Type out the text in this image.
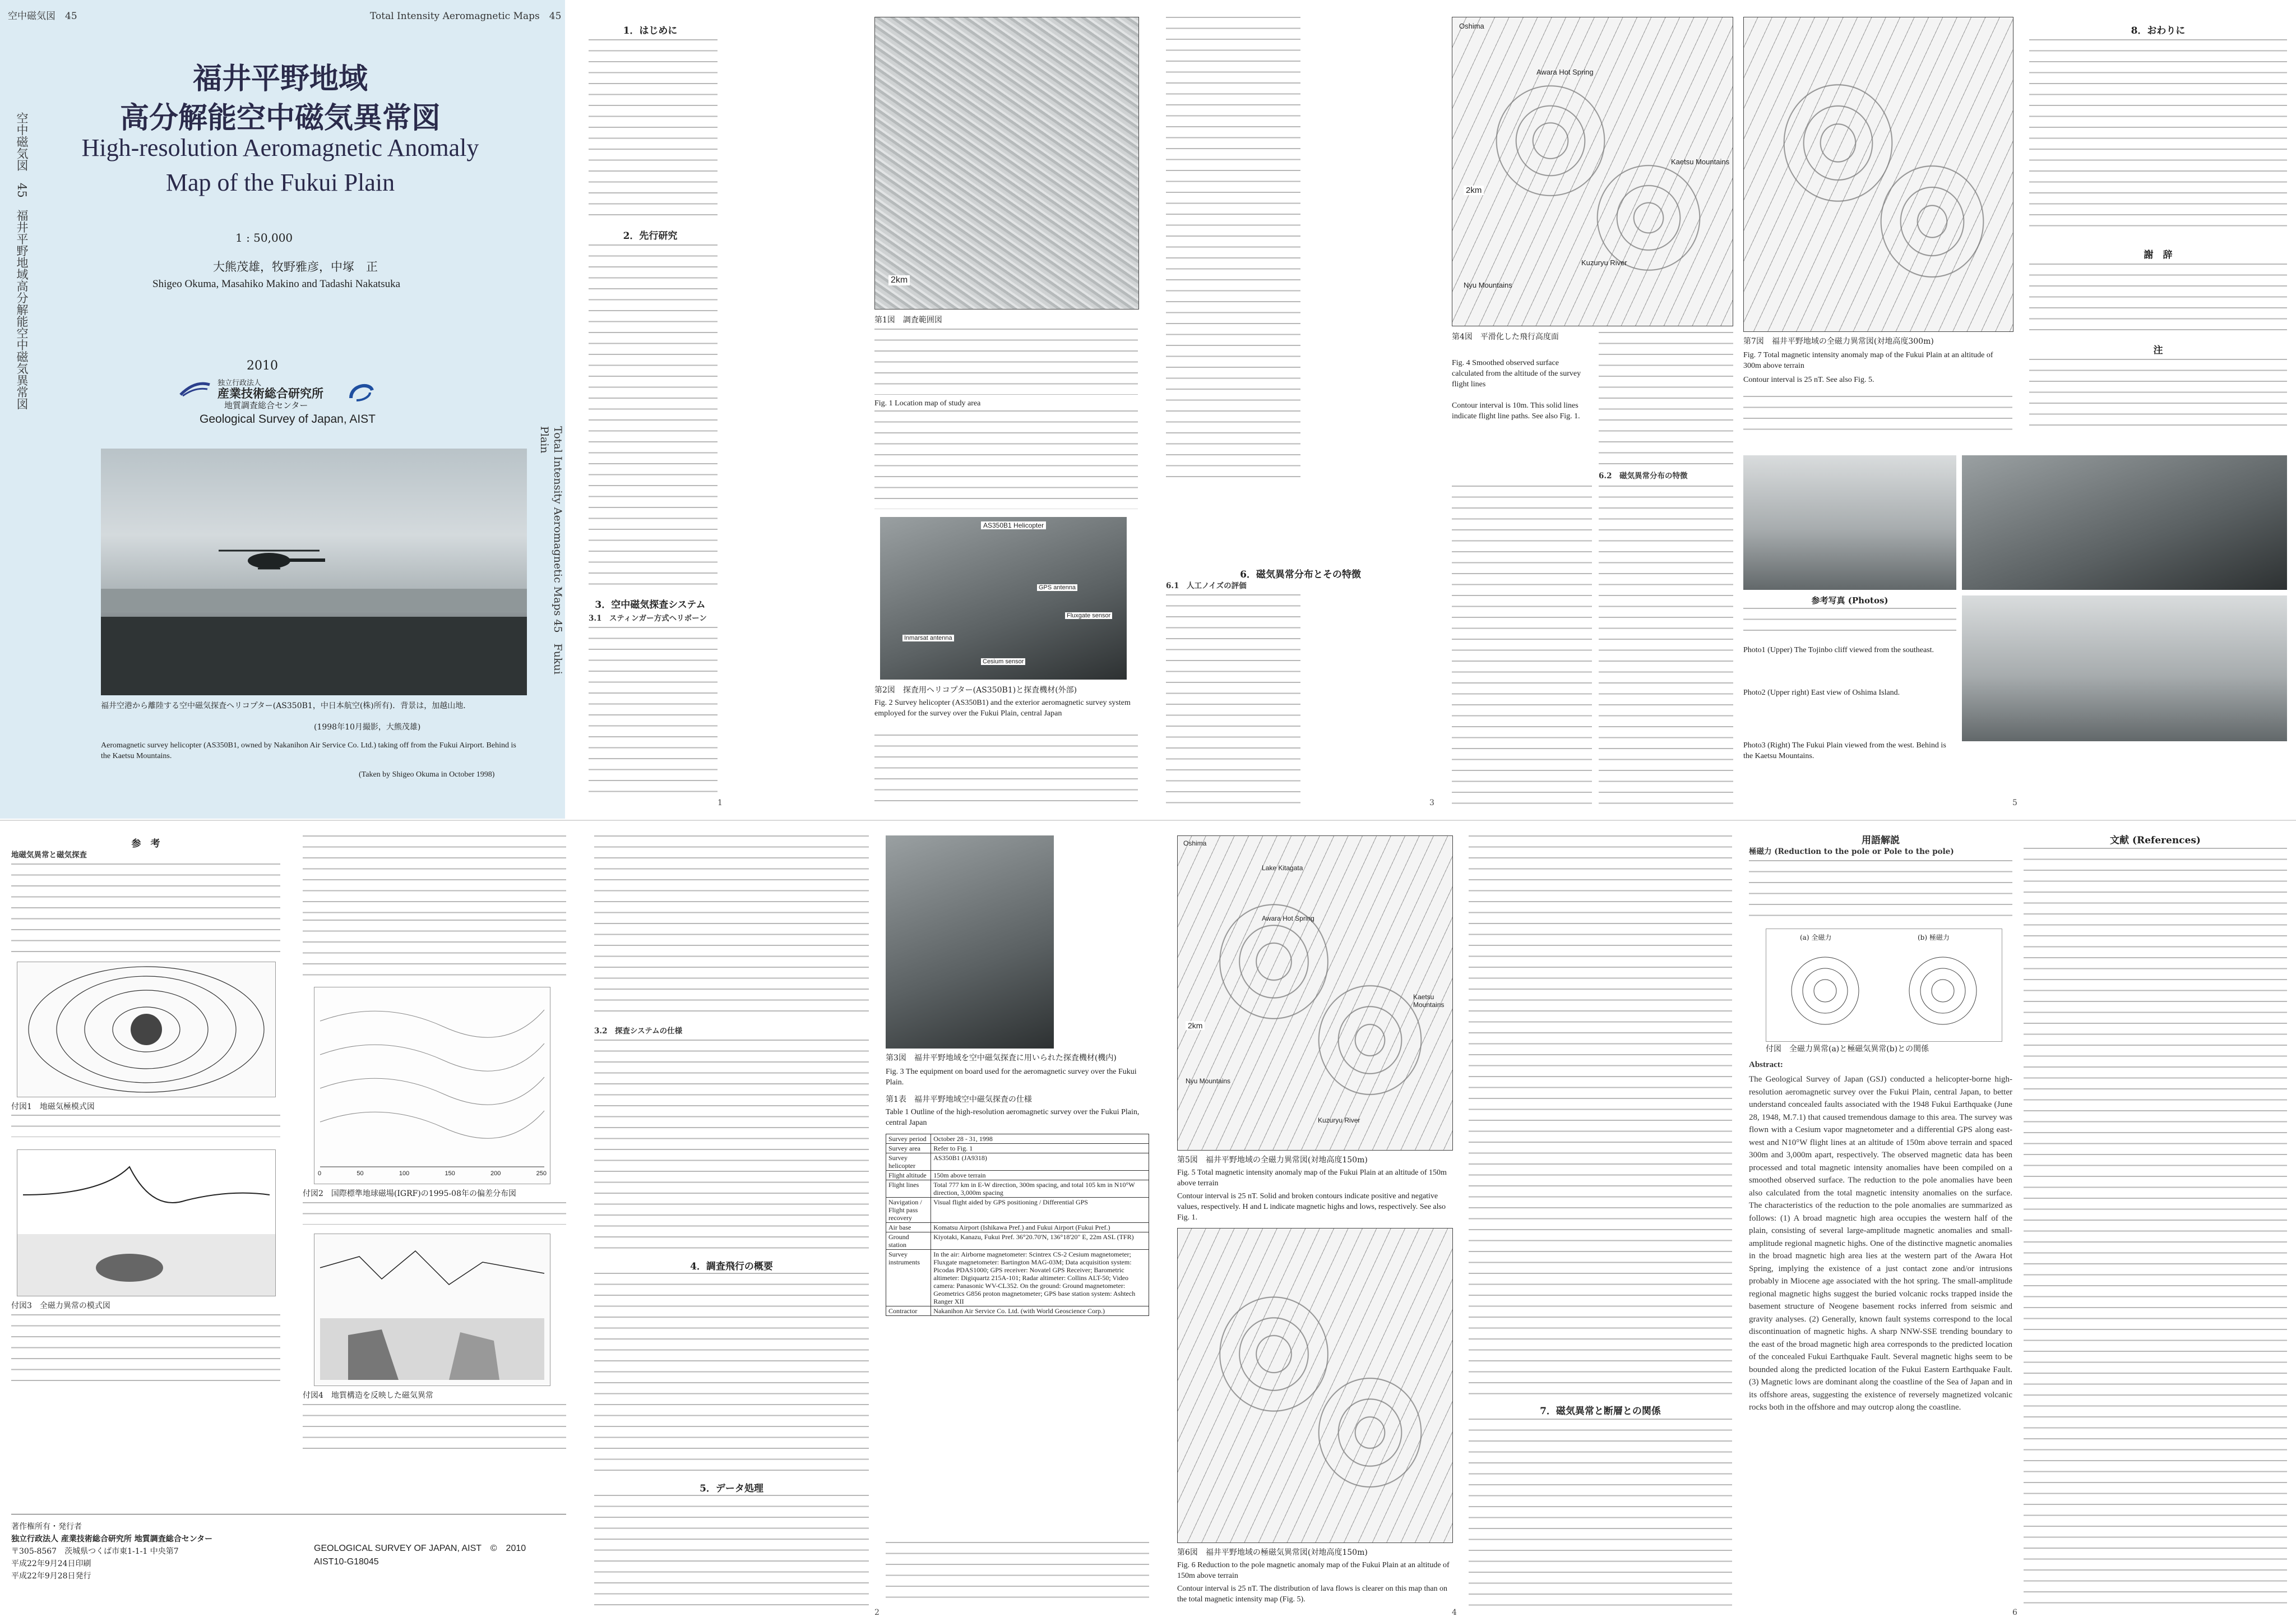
空中磁気図　45	Total Intensity Aeromagnetic Maps　45
福井平野地域
高分解能空中磁気異常図
High-resolution Aeromagnetic Anomaly
Map of the Fukui Plain
1 : 50,000
大熊茂雄，牧野雅彦，中塚　正
Shigeo Okuma, Masahiko Makino and Tadashi Nakatsuka
2010
独立行政法人
産業技術総合研究所
地質調査総合センター
Geological Survey of Japan, AIST
空中磁気図　45　福井平野地域高分解能空中磁気異常図
Total Intensity Aeromagnetic Maps 45　Fukui Plain
福井空港から離陸する空中磁気探査ヘリコプター(AS350B1，中日本航空(株)所有)．背景は，加越山地．
(1998年10月撮影，大熊茂雄)
Aeromagnetic survey helicopter (AS350B1, owned by Nakanihon Air Service Co. Ltd.) taking off from the Fukui Airport. Behind is the Kaetsu Mountains.
(Taken by Shigeo Okuma in October 1998)
1．はじめに
2．先行研究
3．空中磁気探査システム
3.1　スティンガー方式ヘリボーン
1
2km
第1図　調査範囲図
Fig. 1 Location map of study area
AS350B1 Helicopter
GPS antenna
Fluxgate sensor
Inmarsat antenna
Cesium sensor
第2図　探査用ヘリコプター(AS350B1)と探査機材(外部)
Fig. 2 Survey helicopter (AS350B1) and the exterior aeromagnetic survey system employed for the survey over the Fukui Plain, central Japan
6．磁気異常分布とその特徴
6.1　人工ノイズの評価
3
Oshima
Awara Hot Spring
Kaetsu Mountains
Nyu Mountains
Kuzuryu River
2km
第4図　平滑化した飛行高度面
Fig. 4 Smoothed observed surface calculated from the altitude of the survey flight lines
Contour interval is 10m. This solid lines indicate flight line paths. See also Fig. 1.
6.2　磁気異常分布の特徴
第7図　福井平野地域の全磁力異常図(対地高度300m)
Fig. 7 Total magnetic intensity anomaly map of the Fukui Plain at an altitude of 300m above terrain
Contour interval is 25 nT. See also Fig. 5.
8．おわりに
謝　辞
注
参考写真 (Photos)
Photo1 (Upper) The Tojinbo cliff viewed from the southeast.
Photo2 (Upper right) East view of Oshima Island.
Photo3 (Right) The Fukui Plain viewed from the west. Behind is the Kaetsu Mountains.
5
参　考
地磁気異常と磁気探査
付図1　地磁気極模式図
付図3　全磁力異常の模式図
0	50	100	150	200	250
付図2　国際標準地球磁場(IGRF)の1995-08年の偏差分布図
付図4　地質構造を反映した磁気異常
著作権所有・発行者
独立行政法人 産業技術総合研究所 地質調査総合センター
〒305-8567　茨城県つくば市東1-1-1 中央第7
平成22年9月24日印刷
平成22年9月28日発行
GEOLOGICAL SURVEY OF JAPAN, AIST　©　2010
AIST10-G18045
3.2　探査システムの仕様
4．調査飛行の概要
5．データ処理
第3図　福井平野地域を空中磁気探査に用いられた探査機材(機内)
Fig. 3 The equipment on board used for the aeromagnetic survey over the Fukui Plain.
第1表　福井平野地域空中磁気探査の仕様
Table 1 Outline of the high-resolution aeromagnetic survey over the Fukui Plain, central Japan
Survey period	October 28 - 31, 1998
Survey area	Refer to Fig. 1
Survey helicopter	AS350B1 (JA9318)
Flight altitude	150m above terrain
Flight lines	Total 777 km in E-W direction, 300m spacing, and total 105 km in N10°W direction, 3,000m spacing
Navigation / Flight pass recovery	Visual flight aided by GPS positioning / Differential GPS
Air base	Komatsu Airport (Ishikawa Pref.) and Fukui Airport (Fukui Pref.)
Ground station	Kiyotaki, Kanazu, Fukui Pref. 36°20.70'N, 136°18'20" E, 22m ASL (TFR)
Survey instruments	In the air: Airborne magnetometer: Scintrex CS-2 Cesium magnetometer; Fluxgate magnetometer: Bartington MAG-03M; Data acquisition system: Picodas PDAS1000; GPS receiver: Novatel GPS Receiver; Barometric altimeter: Digiquartz 215A-101; Radar altimeter: Collins ALT-50; Video camera: Panasonic WV-CL352. On the ground: Ground magnetometer: Geometrics G856 proton magnetometer; GPS base station system: Ashtech Ranger XII
Contractor	Nakanihon Air Service Co. Ltd. (with World Geoscience Corp.)
2
Oshima
Lake Kitagata
Awara Hot Spring
Kaetsu Mountains
Nyu Mountains
Kuzuryu River
2km
第5図　福井平野地域の全磁力異常図(対地高度150m)
Fig. 5 Total magnetic intensity anomaly map of the Fukui Plain at an altitude of 150m above terrain
Contour interval is 25 nT. Solid and broken contours indicate positive and negative values, respectively. H and L indicate magnetic highs and lows, respectively. See also Fig. 1.
第6図　福井平野地域の極磁気異常図(対地高度150m)
Fig. 6 Reduction to the pole magnetic anomaly map of the Fukui Plain at an altitude of 150m above terrain
Contour interval is 25 nT. The distribution of lava flows is clearer on this map than on the total magnetic intensity map (Fig. 5).
7．磁気異常と断層との関係
4
用語解説
極磁力 (Reduction to the pole or Pole to the pole)
(a) 全磁力	(b) 極磁力
付図　全磁力異常(a)と極磁気異常(b)との関係
Abstract:
The Geological Survey of Japan (GSJ) conducted a helicopter-borne high-resolution aeromagnetic survey over the Fukui Plain, central Japan, to better understand concealed faults associated with the 1948 Fukui Earthquake (June 28, 1948, M.7.1) that caused tremendous damage to this area. The survey was flown with a Cesium vapor magnetometer and a differential GPS along east-west and N10°W flight lines at an altitude of 150m above terrain and spaced 300m and 3,000m apart, respectively. The observed magnetic data has been processed and total magnetic intensity anomalies have been compiled on a smoothed observed surface. The reduction to the pole anomalies have been also calculated from the total magnetic intensity anomalies on the surface. The characteristics of the reduction to the pole anomalies are summarized as follows: (1) A broad magnetic high area occupies the western half of the plain, consisting of several large-amplitude magnetic anomalies and small-amplitude regional magnetic highs. One of the distinctive magnetic anomalies in the broad magnetic high area lies at the western part of the Awara Hot Spring, implying the existence of a just contact zone and/or intrusions probably in Miocene age associated with the hot spring. The small-amplitude regional magnetic highs suggest the buried volcanic rocks trapped inside the basement structure of Neogene basement rocks inferred from seismic and gravity analyses. (2) Generally, known fault systems correspond to the local discontinuation of magnetic highs. A sharp NNW-SSE trending boundary to the east of the broad magnetic high area corresponds to the predicted location of the concealed Fukui Earthquake Fault. Several magnetic highs seem to be bounded along the predicted location of the Fukui Eastern Earthquake Fault. (3) Magnetic lows are dominant along the coastline of the Sea of Japan and in its offshore areas, suggesting the existence of reversely magnetized volcanic rocks both in the offshore and may outcrop along the coastline.
文献 (References)
6
